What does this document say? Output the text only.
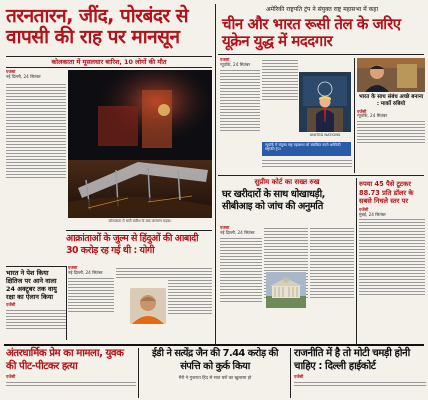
तरनतारन, जींद, पोरबंदर से वापसी की राह पर मानसून
कोलकाता में मूसलधार बारिश, 10 लोगों की मौत
एजेंसी
नई दिल्ली, 24 सितंबर
कोलकाता में भारी बारिश के बाद जलमग्न सड़क।
भारत ने पेश किया क्षितिज पर आने वाला 24 अक्टूबर तक वायु रक्षा का ऐलान किया
एजेंसी
आक्रांताओं के जुल्म से हिंदुओं की आबादी 30 करोड़ रह गई थी : योगी
एजेंसी
नई दिल्ली, 24 सितंबर
अमेरिकी राष्ट्रपति ट्रंप ने संयुक्त राष्ट्र महासभा में कहा
चीन और भारत रूसी तेल के जरिए यूक्रेन युद्ध में मददगार
एजेंसी
न्यूयॉर्क, 24 सितंबर
UNITED NATIONS
न्यूयॉर्क में संयुक्त राष्ट्र महासभा को संबोधित करते अमेरिकी राष्ट्रपति ट्रंप।
भारत के साथ संबंध अच्छे बनाना : मार्को रुबियो
एजेंसी
न्यूयॉर्क, 24 सितंबर
सुप्रीम कोर्ट का सख्त रुख
घर खरीदारों के साथ धोखाधड़ी, सीबीआइ को जांच की अनुमति
एजेंसी
नई दिल्ली, 24 सितंबर
रुपया 45 पैसे टूटकर 88.73 प्रति डॉलर के सबसे निचले स्तर पर
एजेंसी
मुंबई, 24 सितंबर
अंतरधार्मिक प्रेम का मामला, युवक की पीट-पीटकर हत्या
एजेंसी
ईडी ने सत्येंद्र जैन की 7.44 करोड़ की संपत्ति को कुर्क किया
मैरी ने गुजरात हिंद से सात घरों का खुलासा हो
राजनीति में है तो मोटी चमड़ी होनी चाहिए : दिल्ली हाईकोर्ट
एजेंसी
